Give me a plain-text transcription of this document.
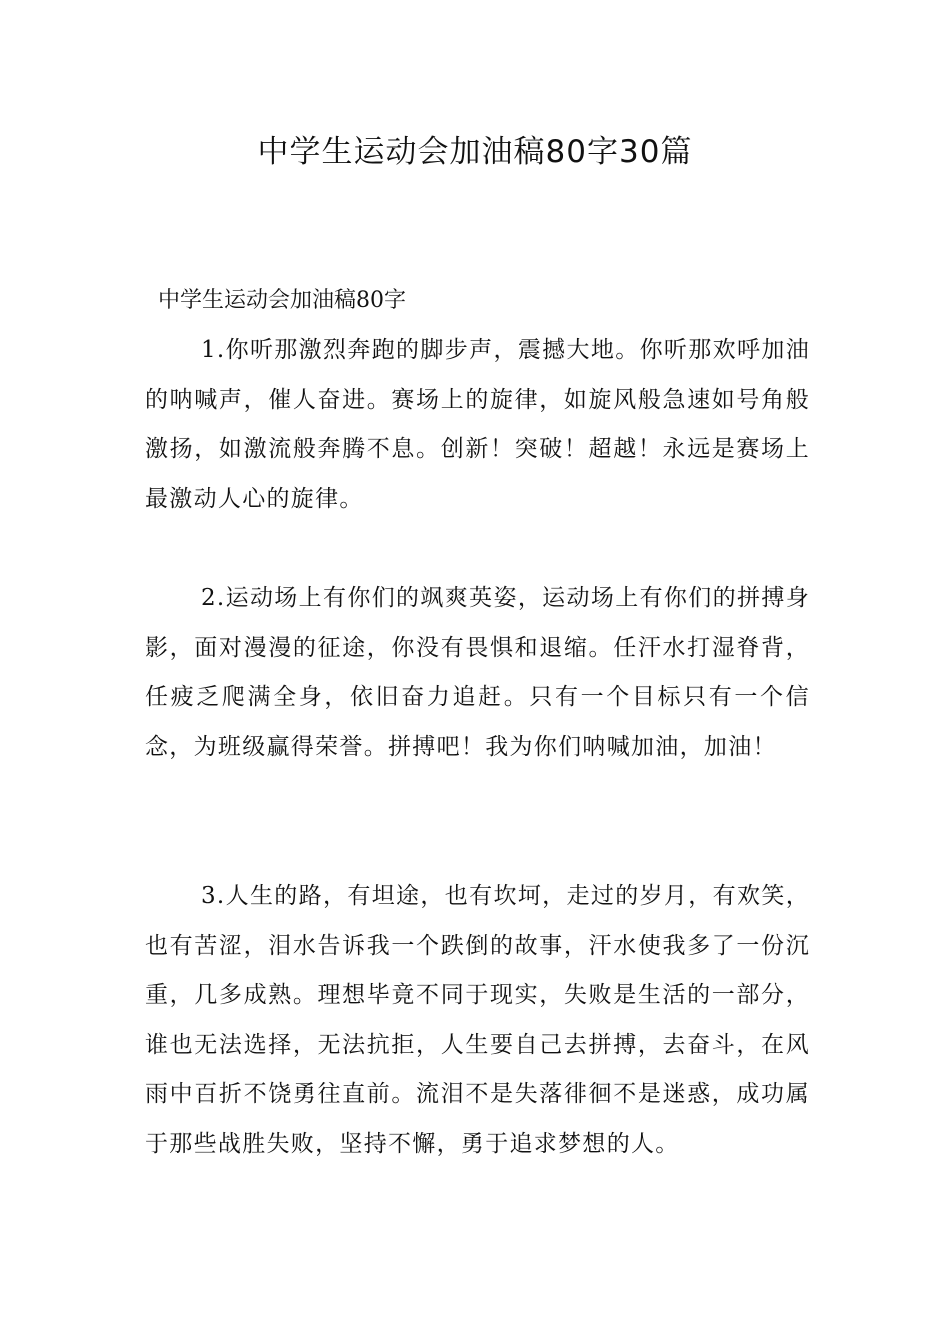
中学生运动会加油稿80字30篇

中学生运动会加油稿80字

1.你听那激烈奔跑的脚步声，震撼大地。你听那欢呼加油的呐喊声，催人奋进。赛场上的旋律，如旋风般急速如号角般激扬，如激流般奔腾不息。创新！突破！超越！永远是赛场上最激动人心的旋律。

2.运动场上有你们的飒爽英姿，运动场上有你们的拼搏身影，面对漫漫的征途，你没有畏惧和退缩。任汗水打湿脊背，任疲乏爬满全身，依旧奋力追赶。只有一个目标只有一个信念，为班级赢得荣誉。拼搏吧！我为你们呐喊加油，加油！

3.人生的路，有坦途，也有坎坷，走过的岁月，有欢笑，也有苦涩，泪水告诉我一个跌倒的故事，汗水使我多了一份沉重，几多成熟。理想毕竟不同于现实，失败是生活的一部分，谁也无法选择，无法抗拒，人生要自己去拼搏，去奋斗，在风雨中百折不饶勇往直前。流泪不是失落徘徊不是迷惑，成功属于那些战胜失败，坚持不懈，勇于追求梦想的人。
